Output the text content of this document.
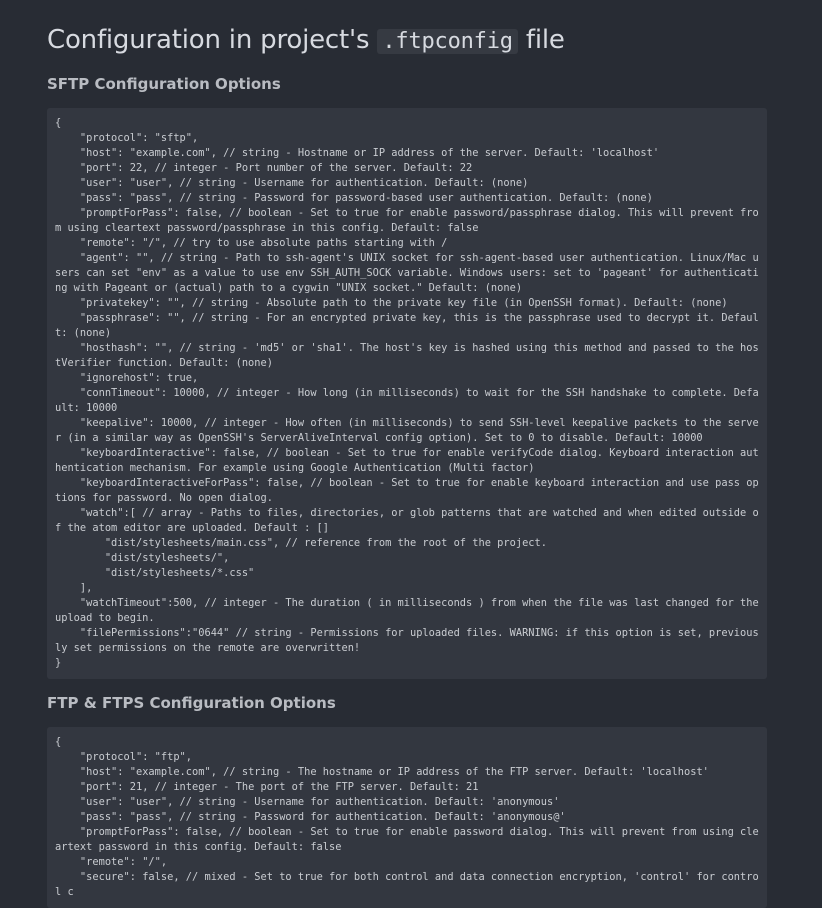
Configuration in project's .ftpconfig file
SFTP Configuration Options
{
"protocol": "sftp",
"host": "example.com", // string - Hostname or IP address of the server. Default: 'localhost'
"port": 22, // integer - Port number of the server. Default: 22
"user": "user", // string - Username for authentication. Default: (none)
"pass": "pass", // string - Password for password-based user authentication. Default: (none)
"promptForPass": false, // boolean - Set to true for enable password/passphrase dialog. This will prevent from using cleartext password/passphrase in this config. Default: false
"remote": "/", // try to use absolute paths starting with /
"agent": "", // string - Path to ssh-agent's UNIX socket for ssh-agent-based user authentication. Linux/Mac users can set "env" as a value to use env SSH_AUTH_SOCK variable. Windows users: set to 'pageant' for authenticating with Pageant or (actual) path to a cygwin "UNIX socket." Default: (none)
"privatekey": "", // string - Absolute path to the private key file (in OpenSSH format). Default: (none)
"passphrase": "", // string - For an encrypted private key, this is the passphrase used to decrypt it. Default: (none)
"hosthash": "", // string - 'md5' or 'sha1'. The host's key is hashed using this method and passed to the hostVerifier function. Default: (none)
"ignorehost": true,
"connTimeout": 10000, // integer - How long (in milliseconds) to wait for the SSH handshake to complete. Default: 10000
"keepalive": 10000, // integer - How often (in milliseconds) to send SSH-level keepalive packets to the server (in a similar way as OpenSSH's ServerAliveInterval config option). Set to 0 to disable. Default: 10000
"keyboardInteractive": false, // boolean - Set to true for enable verifyCode dialog. Keyboard interaction authentication mechanism. For example using Google Authentication (Multi factor)
"keyboardInteractiveForPass": false, // boolean - Set to true for enable keyboard interaction and use pass options for password. No open dialog.
"watch":[ // array - Paths to files, directories, or glob patterns that are watched and when edited outside of the atom editor are uploaded. Default : []
"dist/stylesheets/main.css", // reference from the root of the project.
"dist/stylesheets/",
"dist/stylesheets/*.css"
],
"watchTimeout":500, // integer - The duration ( in milliseconds ) from when the file was last changed for the upload to begin.
"filePermissions":"0644" // string - Permissions for uploaded files. WARNING: if this option is set, previously set permissions on the remote are overwritten!
}
FTP & FTPS Configuration Options
{
"protocol": "ftp",
"host": "example.com", // string - The hostname or IP address of the FTP server. Default: 'localhost'
"port": 21, // integer - The port of the FTP server. Default: 21
"user": "user", // string - Username for authentication. Default: 'anonymous'
"pass": "pass", // string - Password for authentication. Default: 'anonymous@'
"promptForPass": false, // boolean - Set to true for enable password dialog. This will prevent from using cleartext password in this config. Default: false
"remote": "/",
"secure": false, // mixed - Set to true for both control and data connection encryption, 'control' for control c
